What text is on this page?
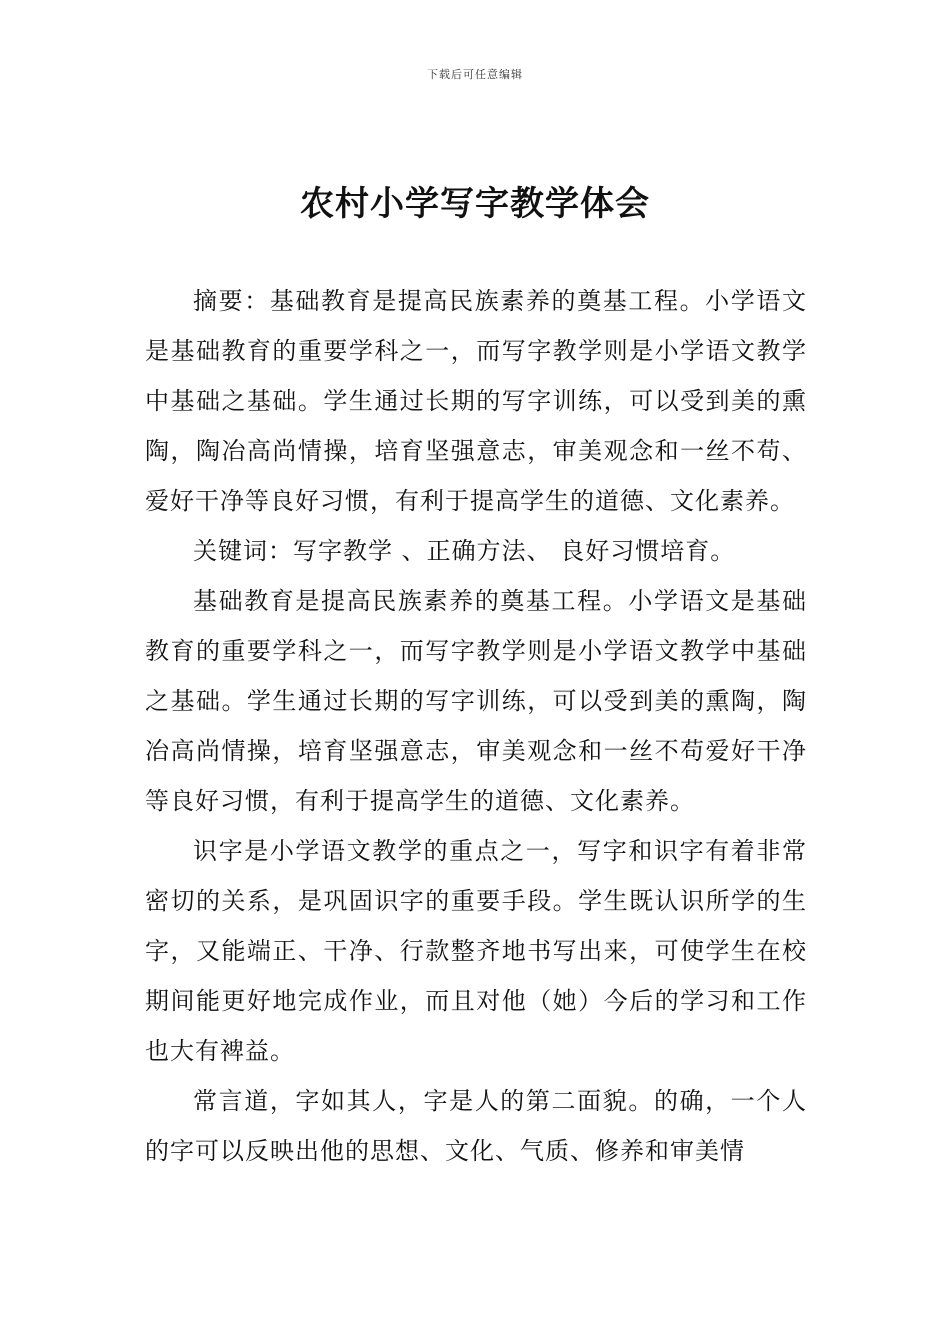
下载后可任意编辑
农村小学写字教学体会

摘要：基础教育是提高民族素养的奠基工程。小学语文是基础教育的重要学科之一，而写字教学则是小学语文教学中基础之基础。学生通过长期的写字训练，可以受到美的熏陶，陶冶高尚情操，培育坚强意志，审美观念和一丝不苟、爱好干净等良好习惯，有利于提高学生的道德、文化素养。

关键词：写字教学 、正确方法、 良好习惯培育。

基础教育是提高民族素养的奠基工程。小学语文是基础教育的重要学科之一，而写字教学则是小学语文教学中基础之基础。学生通过长期的写字训练，可以受到美的熏陶，陶冶高尚情操，培育坚强意志，审美观念和一丝不苟爱好干净等良好习惯，有利于提高学生的道德、文化素养。

识字是小学语文教学的重点之一，写字和识字有着非常密切的关系，是巩固识字的重要手段。学生既认识所学的生字，又能端正、干净、行款整齐地书写出来，可使学生在校期间能更好地完成作业，而且对他（她）今后的学习和工作也大有裨益。

常言道，字如其人，字是人的第二面貌。的确，一个人的字可以反映出他的思想、文化、气质、修养和审美情
